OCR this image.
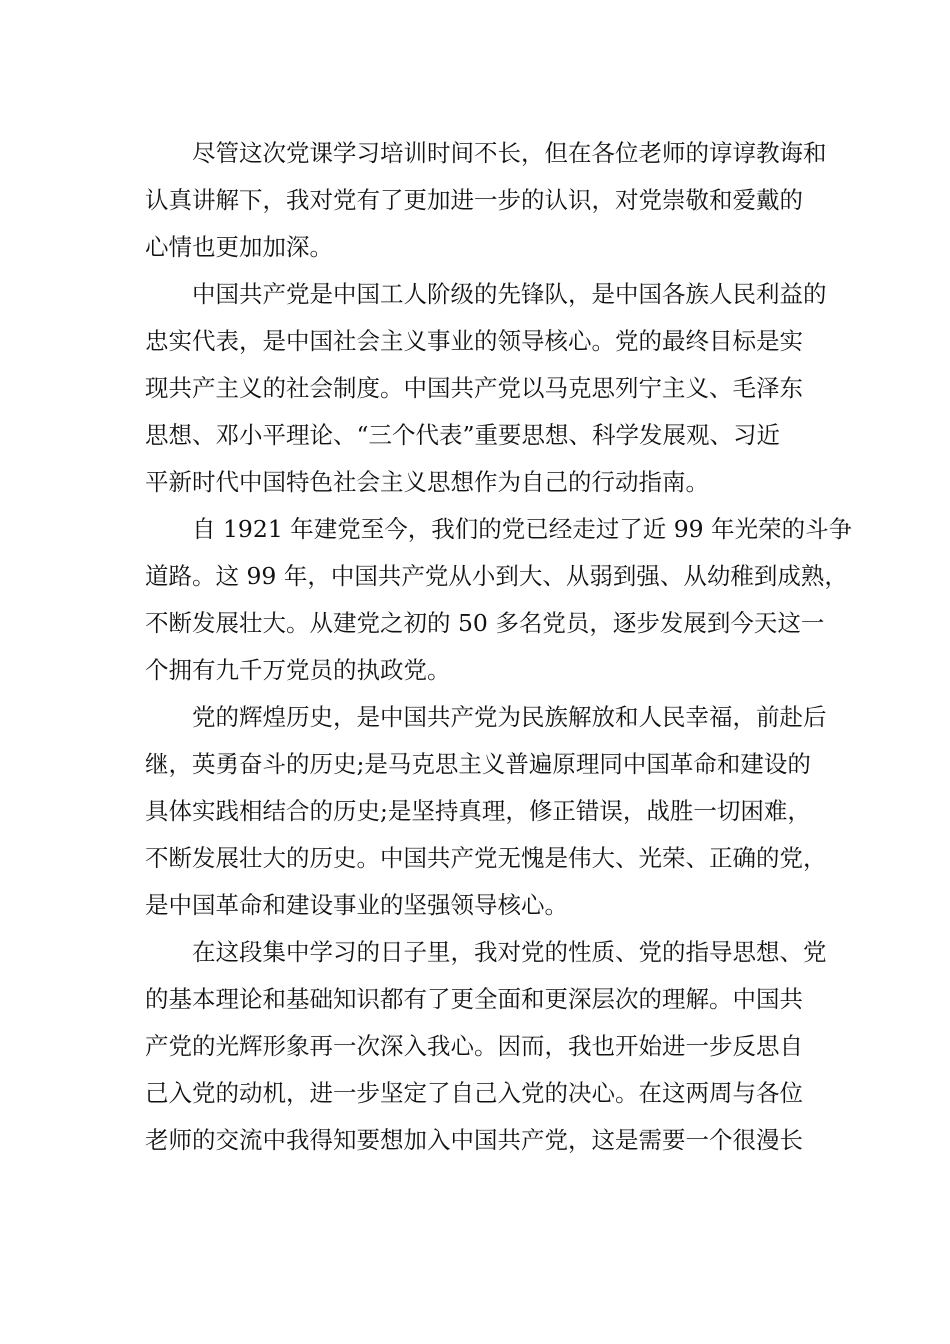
　　尽管这次党课学习培训时间不长，但在各位老师的谆谆教诲和
认真讲解下，我对党有了更加进一步的认识，对党崇敬和爱戴的
心情也更加加深。
　　中国共产党是中国工人阶级的先锋队，是中国各族人民利益的
忠实代表，是中国社会主义事业的领导核心。党的最终目标是实
现共产主义的社会制度。中国共产党以马克思列宁主义、毛泽东
思想、邓小平理论、“三个代表”重要思想、科学发展观、习近
平新时代中国特色社会主义思想作为自己的行动指南。
　　自 1921 年建党至今，我们的党已经走过了近 99 年光荣的斗争
道路。这 99 年，中国共产党从小到大、从弱到强、从幼稚到成熟，
不断发展壮大。从建党之初的 50 多名党员，逐步发展到今天这一
个拥有九千万党员的执政党。
　　党的辉煌历史，是中国共产党为民族解放和人民幸福，前赴后
继，英勇奋斗的历史;是马克思主义普遍原理同中国革命和建设的
具体实践相结合的历史;是坚持真理，修正错误，战胜一切困难，
不断发展壮大的历史。中国共产党无愧是伟大、光荣、正确的党，
是中国革命和建设事业的坚强领导核心。
　　在这段集中学习的日子里，我对党的性质、党的指导思想、党
的基本理论和基础知识都有了更全面和更深层次的理解。中国共
产党的光辉形象再一次深入我心。因而，我也开始进一步反思自
己入党的动机，进一步坚定了自己入党的决心。在这两周与各位
老师的交流中我得知要想加入中国共产党，这是需要一个很漫长
